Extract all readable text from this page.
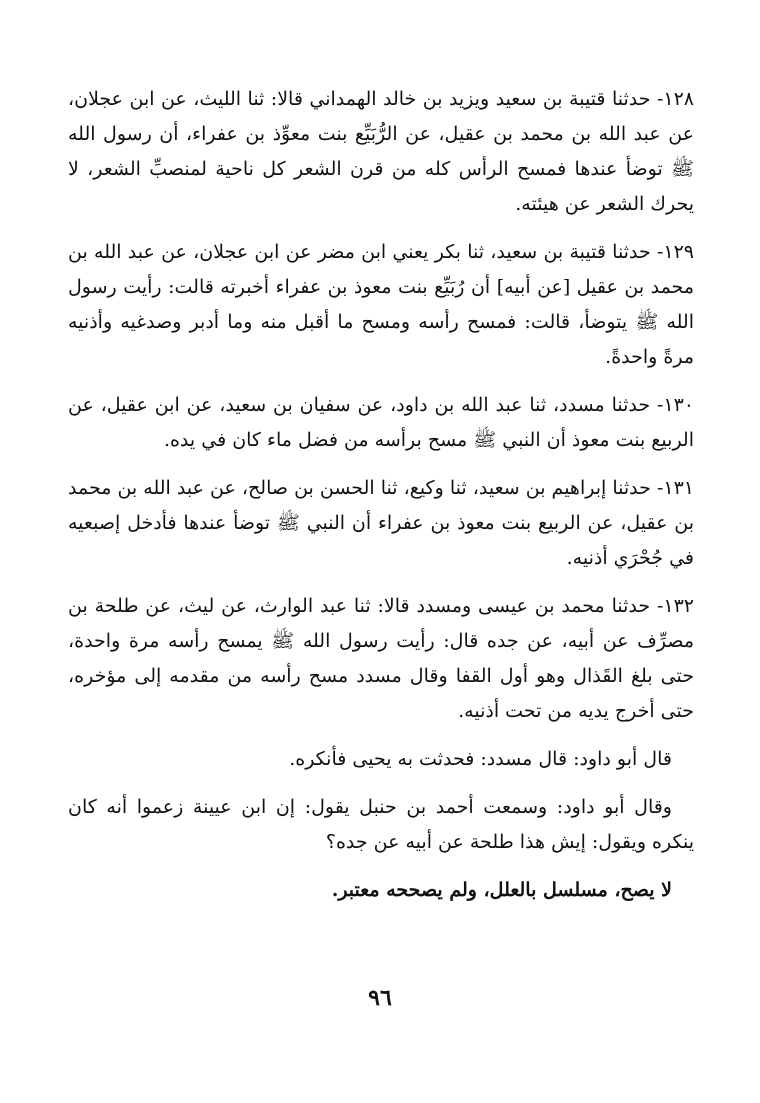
١٢٨- حدثنا قتيبة بن سعيد ويزيد بن خالد الهمداني قالا: ثنا الليث، عن ابن عجلان، عن عبد الله بن محمد بن عقيل، عن الرُّبَيِّع بنت معوِّذ بن عفراء، أن رسول الله ﷺ توضأ عندها فمسح الرأس كله من قرن الشعر كل ناحية لمنصبِّ الشعر، لا يحرك الشعر عن هيئته.

١٢٩- حدثنا قتيبة بن سعيد، ثنا بكر يعني ابن مضر عن ابن عجلان، عن عبد الله بن محمد بن عقيل [عن أبيه] أن رُبَيِّع بنت معوذ بن عفراء أخبرته قالت: رأيت رسول الله ﷺ يتوضأ، قالت: فمسح رأسه ومسح ما أقبل منه وما أدبر وصدغيه وأذنيه مرةً واحدةً.

١٣٠- حدثنا مسدد، ثنا عبد الله بن داود، عن سفيان بن سعيد، عن ابن عقيل، عن الربيع بنت معوذ أن النبي ﷺ مسح برأسه من فضل ماء كان في يده.

١٣١- حدثنا إبراهيم بن سعيد، ثنا وكيع، ثنا الحسن بن صالح، عن عبد الله بن محمد بن عقيل، عن الربيع بنت معوذ بن عفراء أن النبي ﷺ توضأ عندها فأدخل إصبعيه في جُحْرَي أذنيه.

١٣٢- حدثنا محمد بن عيسى ومسدد قالا: ثنا عبد الوارث، عن ليث، عن طلحة بن مصرِّف عن أبيه، عن جده قال: رأيت رسول الله ﷺ يمسح رأسه مرة واحدة، حتى بلغ القَذال وهو أول القفا وقال مسدد مسح رأسه من مقدمه إلى مؤخره، حتى أخرج يديه من تحت أذنيه.

قال أبو داود: قال مسدد: فحدثت به يحيى فأنكره.

وقال أبو داود: وسمعت أحمد بن حنبل يقول: إن ابن عيينة زعموا أنه كان ينكره ويقول: إيش هذا طلحة عن أبيه عن جده؟

لا يصح، مسلسل بالعلل، ولم يصححه معتبر.

٩٦
